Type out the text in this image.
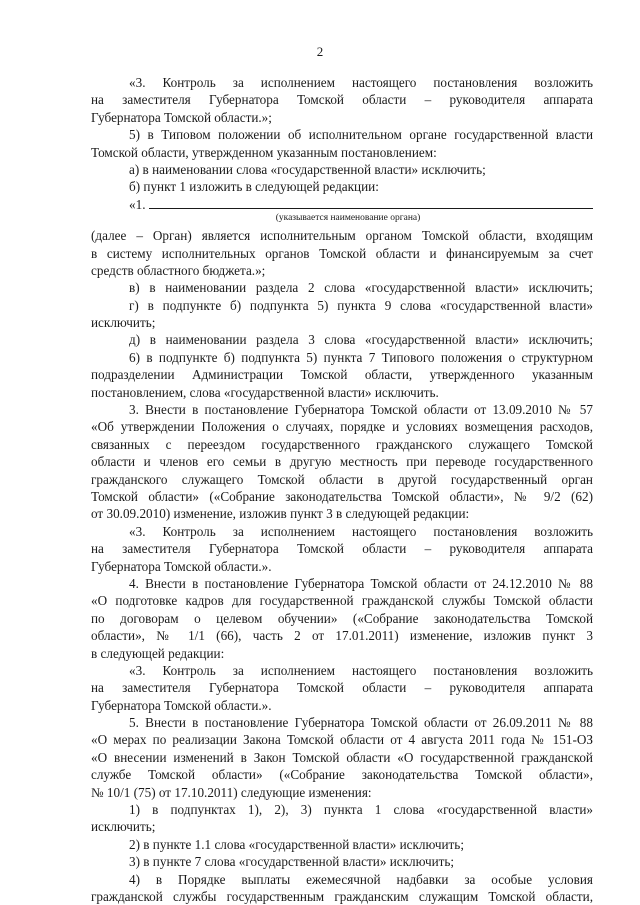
2
«3. Контроль за исполнением настоящего постановления возложить
на заместителя Губернатора Томской области – руководителя аппарата
Губернатора Томской области.»;
5) в Типовом положении об исполнительном органе государственной власти
Томской области, утвержденном указанным постановлением:
а) в наименовании слова «государственной власти» исключить;
б) пункт 1 изложить в следующей редакции:
«1.
(указывается наименование органа)
(далее – Орган) является исполнительным органом Томской области, входящим
в систему исполнительных органов Томской области и финансируемым за счет
средств областного бюджета.»;
в) в наименовании раздела 2 слова «государственной власти» исключить;
г) в подпункте б) подпункта 5) пункта 9 слова «государственной власти»
исключить;
д) в наименовании раздела 3 слова «государственной власти» исключить;
6) в подпункте б) подпункта 5) пункта 7 Типового положения о структурном
подразделении Администрации Томской области, утвержденного указанным
постановлением, слова «государственной власти» исключить.
3. Внести в постановление Губернатора Томской области от 13.09.2010 № 57
«Об утверждении Положения о случаях, порядке и условиях возмещения расходов,
связанных с переездом государственного гражданского служащего Томской
области и членов его семьи в другую местность при переводе государственного
гражданского служащего Томской области в другой государственный орган
Томской области» («Собрание законодательства Томской области», № 9/2 (62)
от 30.09.2010) изменение, изложив пункт 3 в следующей редакции:
«3. Контроль за исполнением настоящего постановления возложить
на заместителя Губернатора Томской области – руководителя аппарата
Губернатора Томской области.».
4. Внести в постановление Губернатора Томской области от 24.12.2010 № 88
«О подготовке кадров для государственной гражданской службы Томской области
по договорам о целевом обучении» («Собрание законодательства Томской
области», № 1/1 (66), часть 2 от 17.01.2011) изменение, изложив пункт 3
в следующей редакции:
«3. Контроль за исполнением настоящего постановления возложить
на заместителя Губернатора Томской области – руководителя аппарата
Губернатора Томской области.».
5. Внести в постановление Губернатора Томской области от 26.09.2011 № 88
«О мерах по реализации Закона Томской области от 4 августа 2011 года № 151-ОЗ
«О внесении изменений в Закон Томской области «О государственной гражданской
службе Томской области» («Собрание законодательства Томской области»,
№ 10/1 (75) от 17.10.2011) следующие изменения:
1) в подпунктах 1), 2), 3) пункта 1 слова «государственной власти»
исключить;
2) в пункте 1.1 слова «государственной власти» исключить;
3) в пункте 7 слова «государственной власти» исключить;
4) в Порядке выплаты ежемесячной надбавки за особые условия
гражданской службы государственным гражданским служащим Томской области,
